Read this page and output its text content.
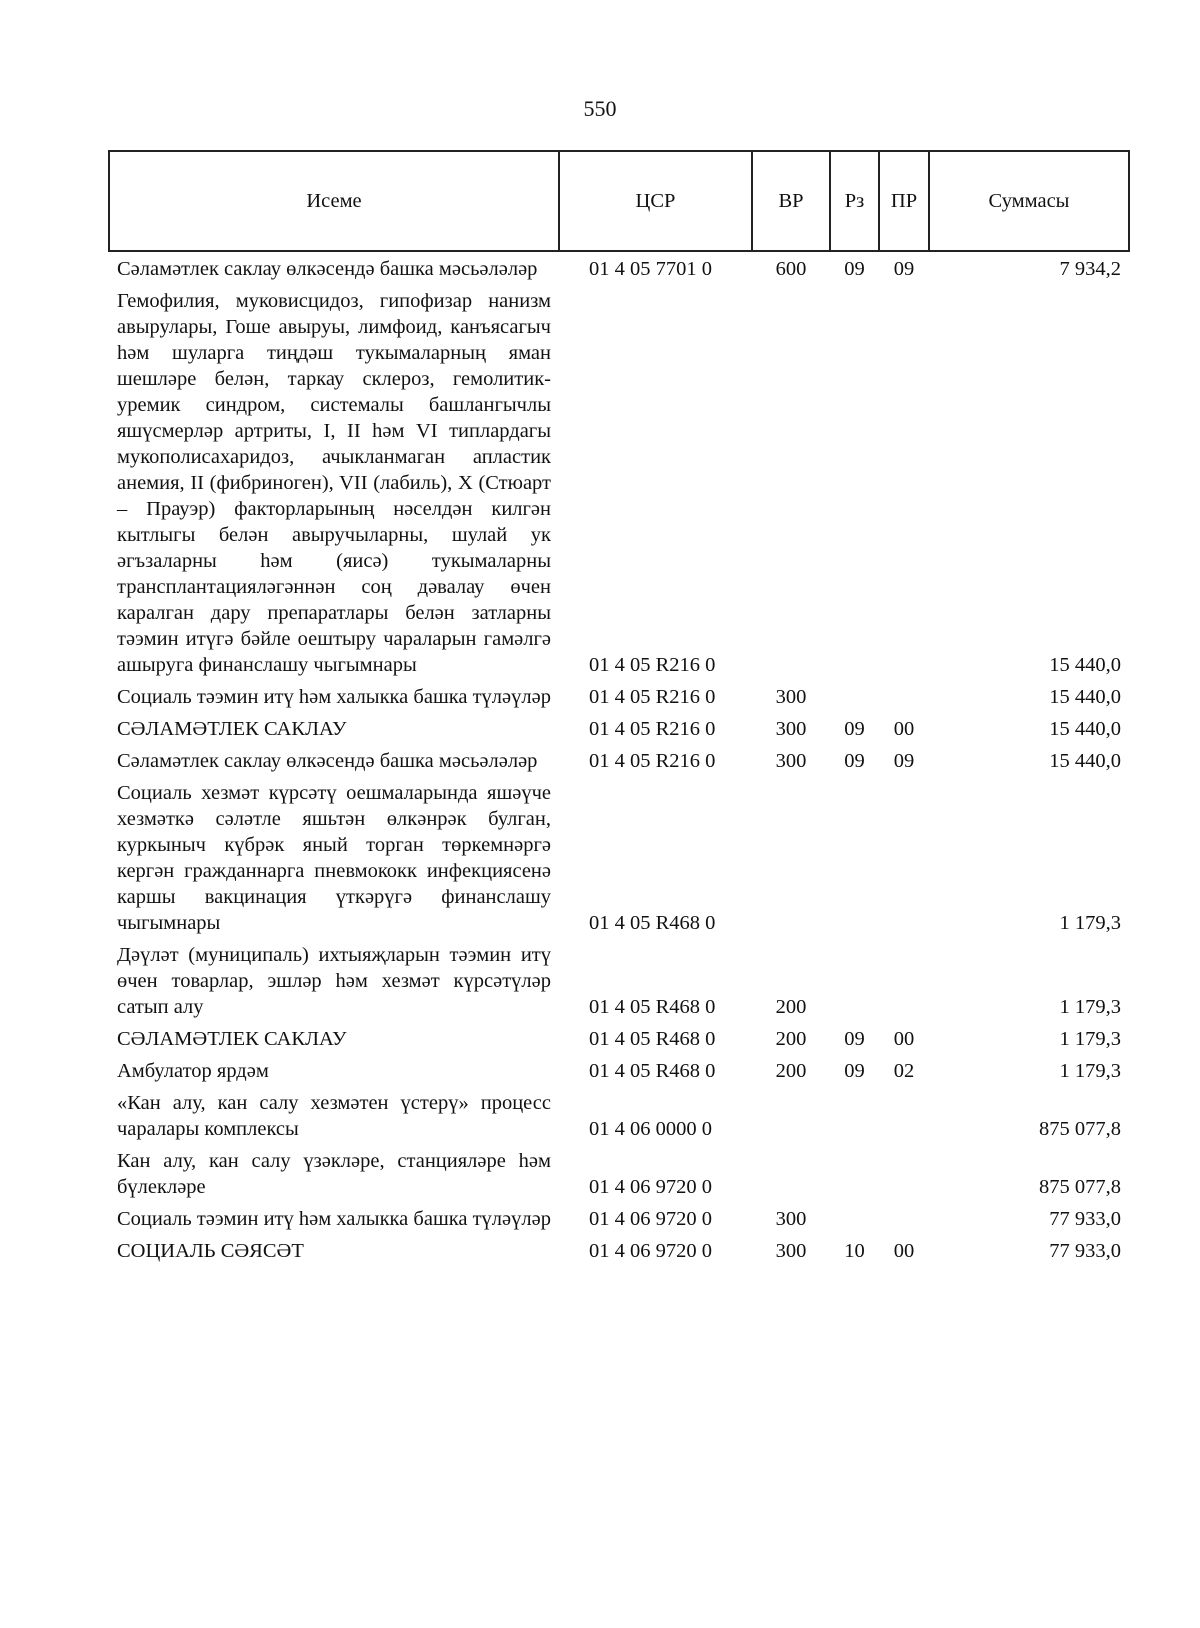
550
Исеме	ЦСР	ВР	Рз	ПР	Суммасы
Сәламәтлек саклау өлкәсендә башка мәсьәләләр	01 4 05 7701 0	600	09	09	7 934,2
Гемофилия, муковисцидоз, гипофизар нанизм авырулары, Гоше авыруы, лимфоид, канъясагыч һәм шуларга тиңдәш тукымаларның яман шешләре белән, таркау склероз, гемолитик-уремик синдром, системалы башлангычлы яшүсмерләр артриты, I, II һәм VI типлардагы мукополисахаридоз, ачыкланмаган апластик анемия, II (фибриноген), VII (лабиль), X (Стюарт – Прауэр) факторларының нәселдән килгән кытлыгы белән авыручыларны, шулай ук әгъзаларны һәм (яисә) тукымаларны трансплантацияләгәннән соң дәвалау өчен каралган дару препаратлары белән затларны тәэмин итүгә бәйле оештыру чараларын гамәлгә ашыруга финанслашу чыгымнары	01 4 05 R216 0				15 440,0
Социаль тәэмин итү һәм халыкка башка түләүләр	01 4 05 R216 0	300			15 440,0
СӘЛАМӘТЛЕК САКЛАУ	01 4 05 R216 0	300	09	00	15 440,0
Сәламәтлек саклау өлкәсендә башка мәсьәләләр	01 4 05 R216 0	300	09	09	15 440,0
Социаль хезмәт күрсәтү оешмаларында яшәүче хезмәткә сәләтле яшьтән өлкәнрәк булган, куркыныч күбрәк яный торган төркемнәргә кергән гражданнарга пневмококк инфекциясенә каршы вакцинация үткәрүгә финанслашу чыгымнары	01 4 05 R468 0				1 179,3
Дәүләт (муниципаль) ихтыяҗларын тәэмин итү өчен товарлар, эшләр һәм хезмәт күрсәтүләр сатып алу	01 4 05 R468 0	200			1 179,3
СӘЛАМӘТЛЕК САКЛАУ	01 4 05 R468 0	200	09	00	1 179,3
Амбулатор ярдәм	01 4 05 R468 0	200	09	02	1 179,3
«Кан алу, кан салу хезмәтен үстерү» процесс чаралары комплексы	01 4 06 0000 0				875 077,8
Кан алу, кан салу үзәкләре, станцияләре һәм бүлекләре	01 4 06 9720 0				875 077,8
Социаль тәэмин итү һәм халыкка башка түләүләр	01 4 06 9720 0	300			77 933,0
СОЦИАЛЬ СӘЯСӘТ	01 4 06 9720 0	300	10	00	77 933,0
